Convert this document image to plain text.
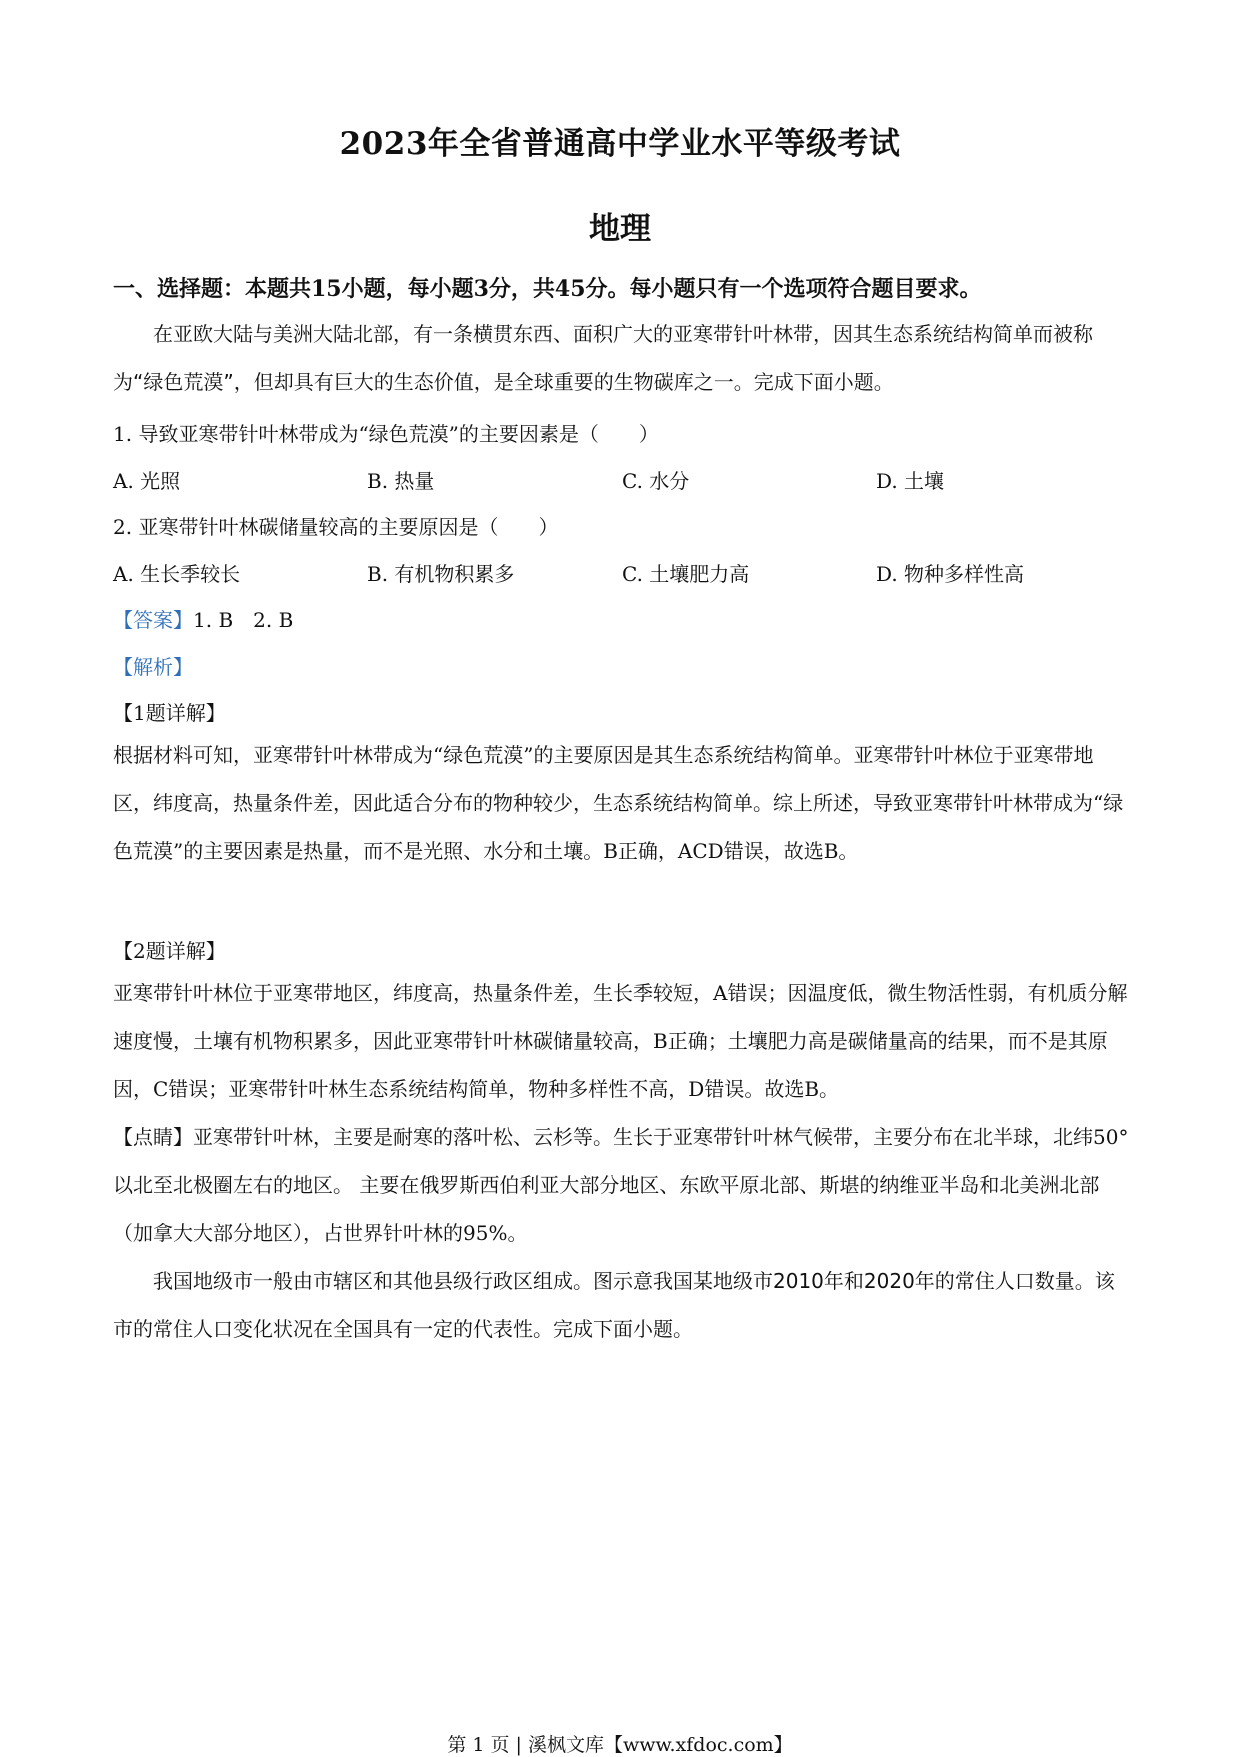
2023年全省普通高中学业水平等级考试
地理
一、选择题：本题共15小题，每小题3分，共45分。每小题只有一个选项符合题目要求。
在亚欧大陆与美洲大陆北部，有一条横贯东西、面积广大的亚寒带针叶林带，因其生态系统结构简单而被称为“绿色荒漠”，但却具有巨大的生态价值，是全球重要的生物碳库之一。完成下面小题。
1. 导致亚寒带针叶林带成为“绿色荒漠”的主要因素是（　　）
A. 光照	B. 热量	C. 水分	D. 土壤
2. 亚寒带针叶林碳储量较高的主要原因是（　　）
A. 生长季较长	B. 有机物积累多	C. 土壤肥力高	D. 物种多样性高
【答案】1. B　2. B
【解析】
【1题详解】
根据材料可知，亚寒带针叶林带成为“绿色荒漠”的主要原因是其生态系统结构简单。亚寒带针叶林位于亚寒带地区，纬度高，热量条件差，因此适合分布的物种较少，生态系统结构简单。综上所述，导致亚寒带针叶林带成为“绿色荒漠”的主要因素是热量，而不是光照、水分和土壤。B正确，ACD错误，故选B。
【2题详解】
亚寒带针叶林位于亚寒带地区，纬度高，热量条件差，生长季较短，A错误；因温度低，微生物活性弱，有机质分解速度慢，土壤有机物积累多，因此亚寒带针叶林碳储量较高，B正确；土壤肥力高是碳储量高的结果，而不是其原因，C错误；亚寒带针叶林生态系统结构简单，物种多样性不高，D错误。故选B。
【点睛】亚寒带针叶林，主要是耐寒的落叶松、云杉等。生长于亚寒带针叶林气候带，主要分布在北半球，北纬50°以北至北极圈左右的地区。 主要在俄罗斯西伯利亚大部分地区、东欧平原北部、斯堪的纳维亚半岛和北美洲北部（加拿大大部分地区），占世界针叶林的95%。
我国地级市一般由市辖区和其他县级行政区组成。图示意我国某地级市2010年和2020年的常住人口数量。该市的常住人口变化状况在全国具有一定的代表性。完成下面小题。
第 1 页 | 溪枫文库【www.xfdoc.com】
